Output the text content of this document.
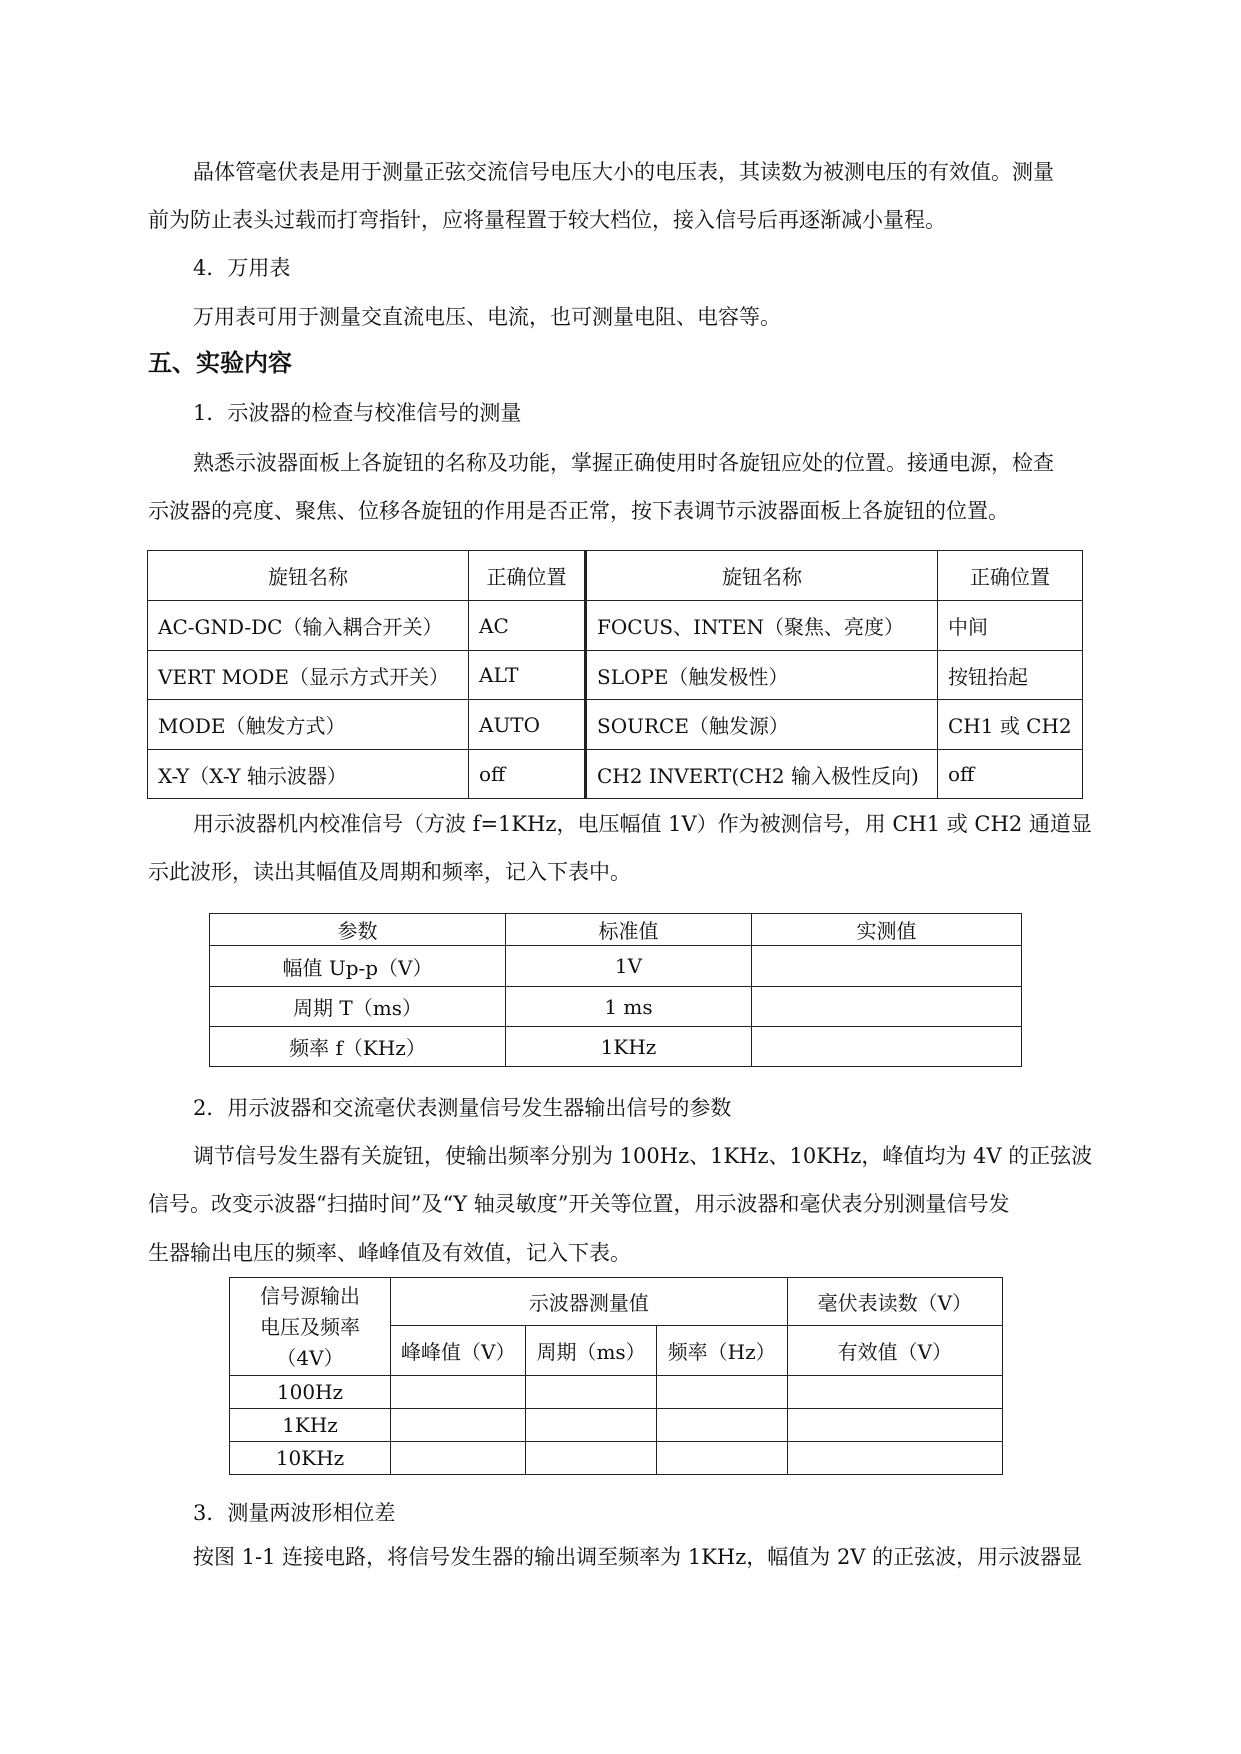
晶体管毫伏表是用于测量正弦交流信号电压大小的电压表，其读数为被测电压的有效值。测量
前为防止表头过载而打弯指针，应将量程置于较大档位，接入信号后再逐渐减小量程。
4．万用表
万用表可用于测量交直流电压、电流，也可测量电阻、电容等。
五、实验内容
1．示波器的检查与校准信号的测量
熟悉示波器面板上各旋钮的名称及功能，掌握正确使用时各旋钮应处的位置。接通电源，检查
示波器的亮度、聚焦、位移各旋钮的作用是否正常，按下表调节示波器面板上各旋钮的位置。
旋钮名称	正确位置	旋钮名称	正确位置
AC-GND-DC（输入耦合开关）	AC	FOCUS、INTEN（聚焦、亮度）	中间
VERT MODE（显示方式开关）	ALT	SLOPE（触发极性）	按钮抬起
MODE（触发方式）	AUTO	SOURCE（触发源）	CH1 或 CH2
X-Y（X-Y 轴示波器）	off	CH2 INVERT(CH2 输入极性反向)	off
用示波器机内校准信号（方波 f=1KHz，电压幅值 1V）作为被测信号，用 CH1 或 CH2 通道显
示此波形，读出其幅值及周期和频率，记入下表中。
参数	标准值	实测值
幅值 Up-p（V）	1V	
周期 T（ms）	1 ms	
频率 f（KHz）	1KHz	
2．用示波器和交流毫伏表测量信号发生器输出信号的参数
调节信号发生器有关旋钮，使输出频率分别为 100Hz、1KHz、10KHz，峰值均为 4V 的正弦波
信号。改变示波器“扫描时间”及“Y 轴灵敏度”开关等位置，用示波器和毫伏表分别测量信号发
生器输出电压的频率、峰峰值及有效值，记入下表。
信号源输出
电压及频率
（4V）	示波器测量值			毫伏表读数（V）
	峰峰值（V）	周期（ms）	频率（Hz）	有效值（V）
100Hz				
1KHz				
10KHz				
3．测量两波形相位差
按图 1-1 连接电路，将信号发生器的输出调至频率为 1KHz，幅值为 2V 的正弦波，用示波器显
